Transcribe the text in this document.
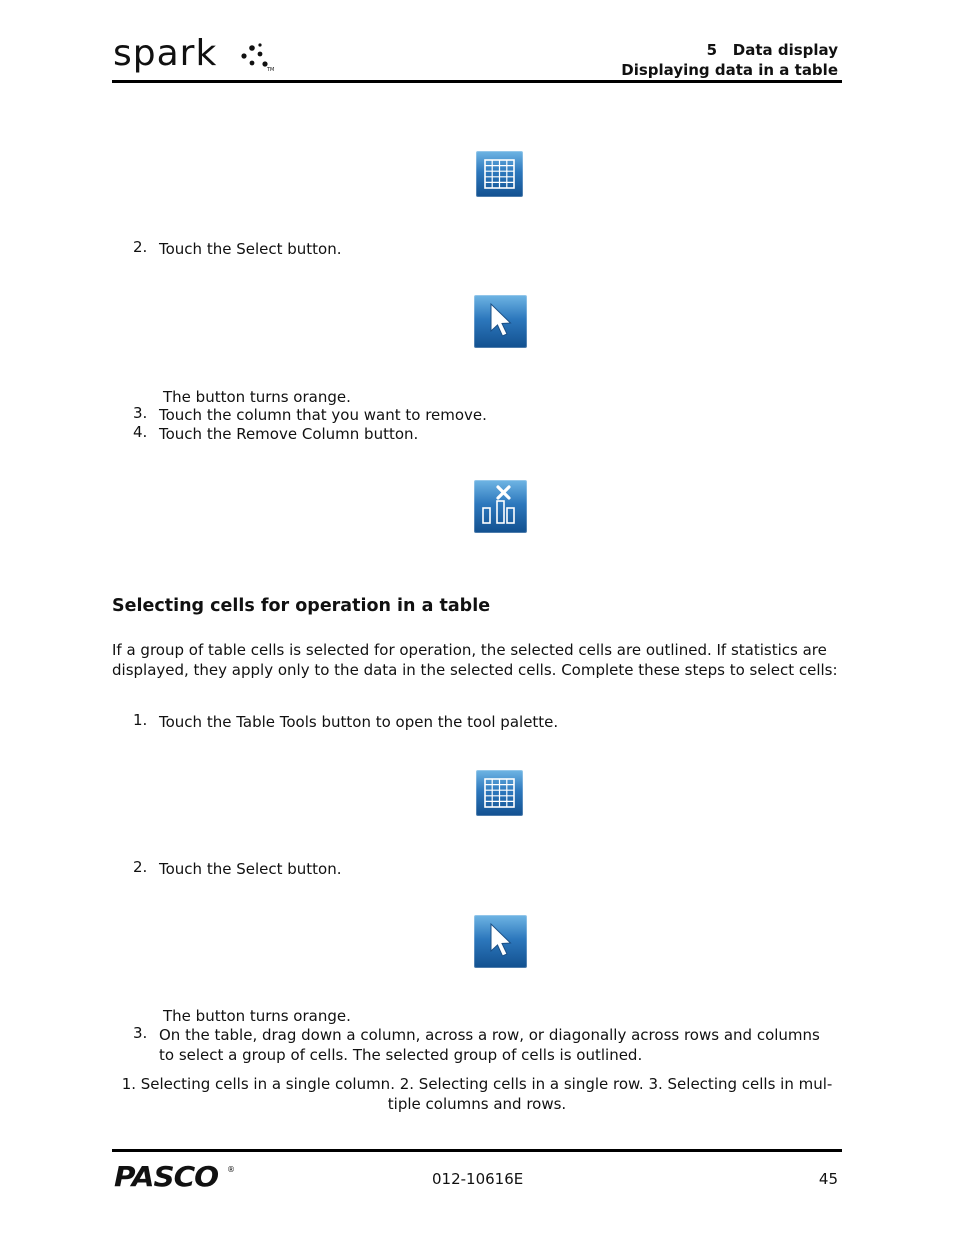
spark	TM
5   Data display
Displaying data in a table
2. Touch the Select button.
The button turns orange.
3. Touch the column that you want to remove.
4. Touch the Remove Column button.
Selecting cells for operation in a table
If a group of table cells is selected for operation, the selected cells are outlined. If statistics are displayed, they apply only to the data in the selected cells. Complete these steps to select cells:
1. Touch the Table Tools button to open the tool palette.
2. Touch the Select button.
The button turns orange.
3. On the table, drag down a column, across a row, or diagonally across rows and columns to select a group of cells. The selected group of cells is outlined.
1. Selecting cells in a single column. 2. Selecting cells in a single row. 3. Selecting cells in mul-tiple columns and rows.
PASCO ®
012-10616E	45
